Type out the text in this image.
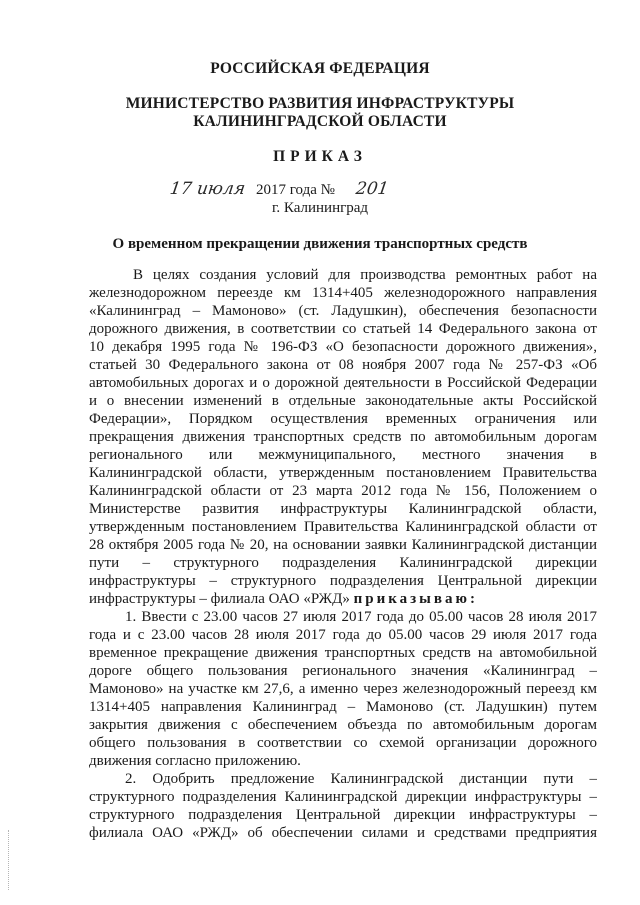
РОССИЙСКАЯ ФЕДЕРАЦИЯ
МИНИСТЕРСТВО РАЗВИТИЯ ИНФРАСТРУКТУРЫ
КАЛИНИНГРАДСКОЙ ОБЛАСТИ
ПРИКАЗ
17 июля 2017 года № 201
г. Калининград
О временном прекращении движения транспортных средств
В целях создания условий для производства ремонтных работ на
железнодорожном переезде км 1314+405 железнодорожного направления
«Калининград – Мамоново» (ст. Ладушкин), обеспечения безопасности
дорожного движения, в соответствии со статьей 14 Федерального закона от
10 декабря 1995 года № 196-ФЗ «О безопасности дорожного движения»,
статьей 30 Федерального закона от 08 ноября 2007 года № 257-ФЗ «Об
автомобильных дорогах и о дорожной деятельности в Российской Федерации
и о внесении изменений в отдельные законодательные акты Российской
Федерации», Порядком осуществления временных ограничения или
прекращения движения транспортных средств по автомобильным дорогам
регионального или межмуниципального, местного значения в
Калининградской области, утвержденным постановлением Правительства
Калининградской области от 23 марта 2012 года № 156, Положением о
Министерстве развития инфраструктуры Калининградской области,
утвержденным постановлением Правительства Калининградской области от
28 октября 2005 года № 20, на основании заявки Калининградской дистанции
пути – структурного подразделения Калининградской дирекции
инфраструктуры – структурного подразделения Центральной дирекции
инфраструктуры – филиала ОАО «РЖД» приказываю:
1. Ввести с 23.00 часов 27 июля 2017 года до 05.00 часов 28 июля 2017
года и с 23.00 часов 28 июля 2017 года до 05.00 часов 29 июля 2017 года
временное прекращение движения транспортных средств на автомобильной
дороге общего пользования регионального значения «Калининград –
Мамоново» на участке км 27,6, а именно через железнодорожный переезд км
1314+405 направления Калининград – Мамоново (ст. Ладушкин) путем
закрытия движения с обеспечением объезда по автомобильным дорогам
общего пользования в соответствии со схемой организации дорожного
движения согласно приложению.
2. Одобрить предложение Калининградской дистанции пути –
структурного подразделения Калининградской дирекции инфраструктуры –
структурного подразделения Центральной дирекции инфраструктуры –
филиала ОАО «РЖД» об обеспечении силами и средствами предприятия
